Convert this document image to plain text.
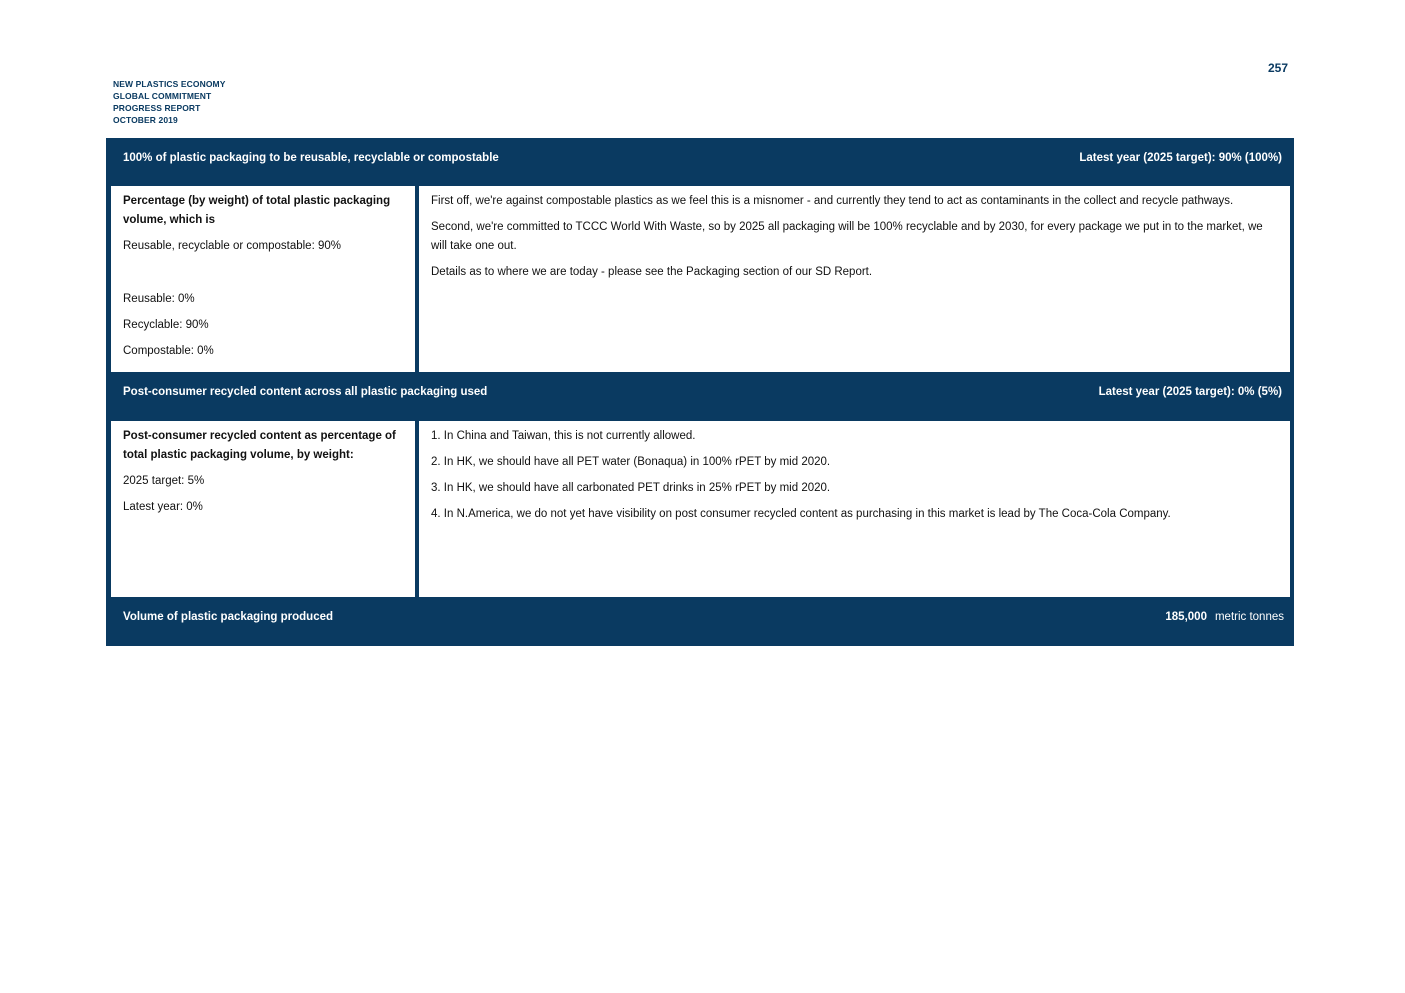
257
NEW PLASTICS ECONOMY
GLOBAL COMMITMENT
PROGRESS REPORT
OCTOBER 2019
100% of plastic packaging to be reusable, recyclable or compostable	Latest year (2025 target): 90% (100%)

Percentage (by weight) of total plastic packaging volume, which is

Reusable, recyclable or compostable: 90%

Reusable: 0%

Recyclable: 90%

Compostable: 0%

First off, we're against compostable plastics as we feel this is a misnomer - and currently they tend to act as contaminants in the collect and recycle pathways.

Second, we're committed to TCCC World With Waste, so by 2025 all packaging will be 100% recyclable and by 2030, for every package we put in to the market, we will take one out.

Details as to where we are today - please see the Packaging section of our SD Report.

Post-consumer recycled content across all plastic packaging used	Latest year (2025 target): 0% (5%)

Post-consumer recycled content as percentage of total plastic packaging volume, by weight:

2025 target: 5%

Latest year: 0%

1. In China and Taiwan, this is not currently allowed.

2. In HK, we should have all PET water (Bonaqua) in 100% rPET by mid 2020.

3. In HK, we should have all carbonated PET drinks in 25% rPET by mid 2020.

4. In N.America, we do not yet have visibility on post consumer recycled content as purchasing in this market is lead by The Coca-Cola Company.

Volume of plastic packaging produced	185,000 metric tonnes
